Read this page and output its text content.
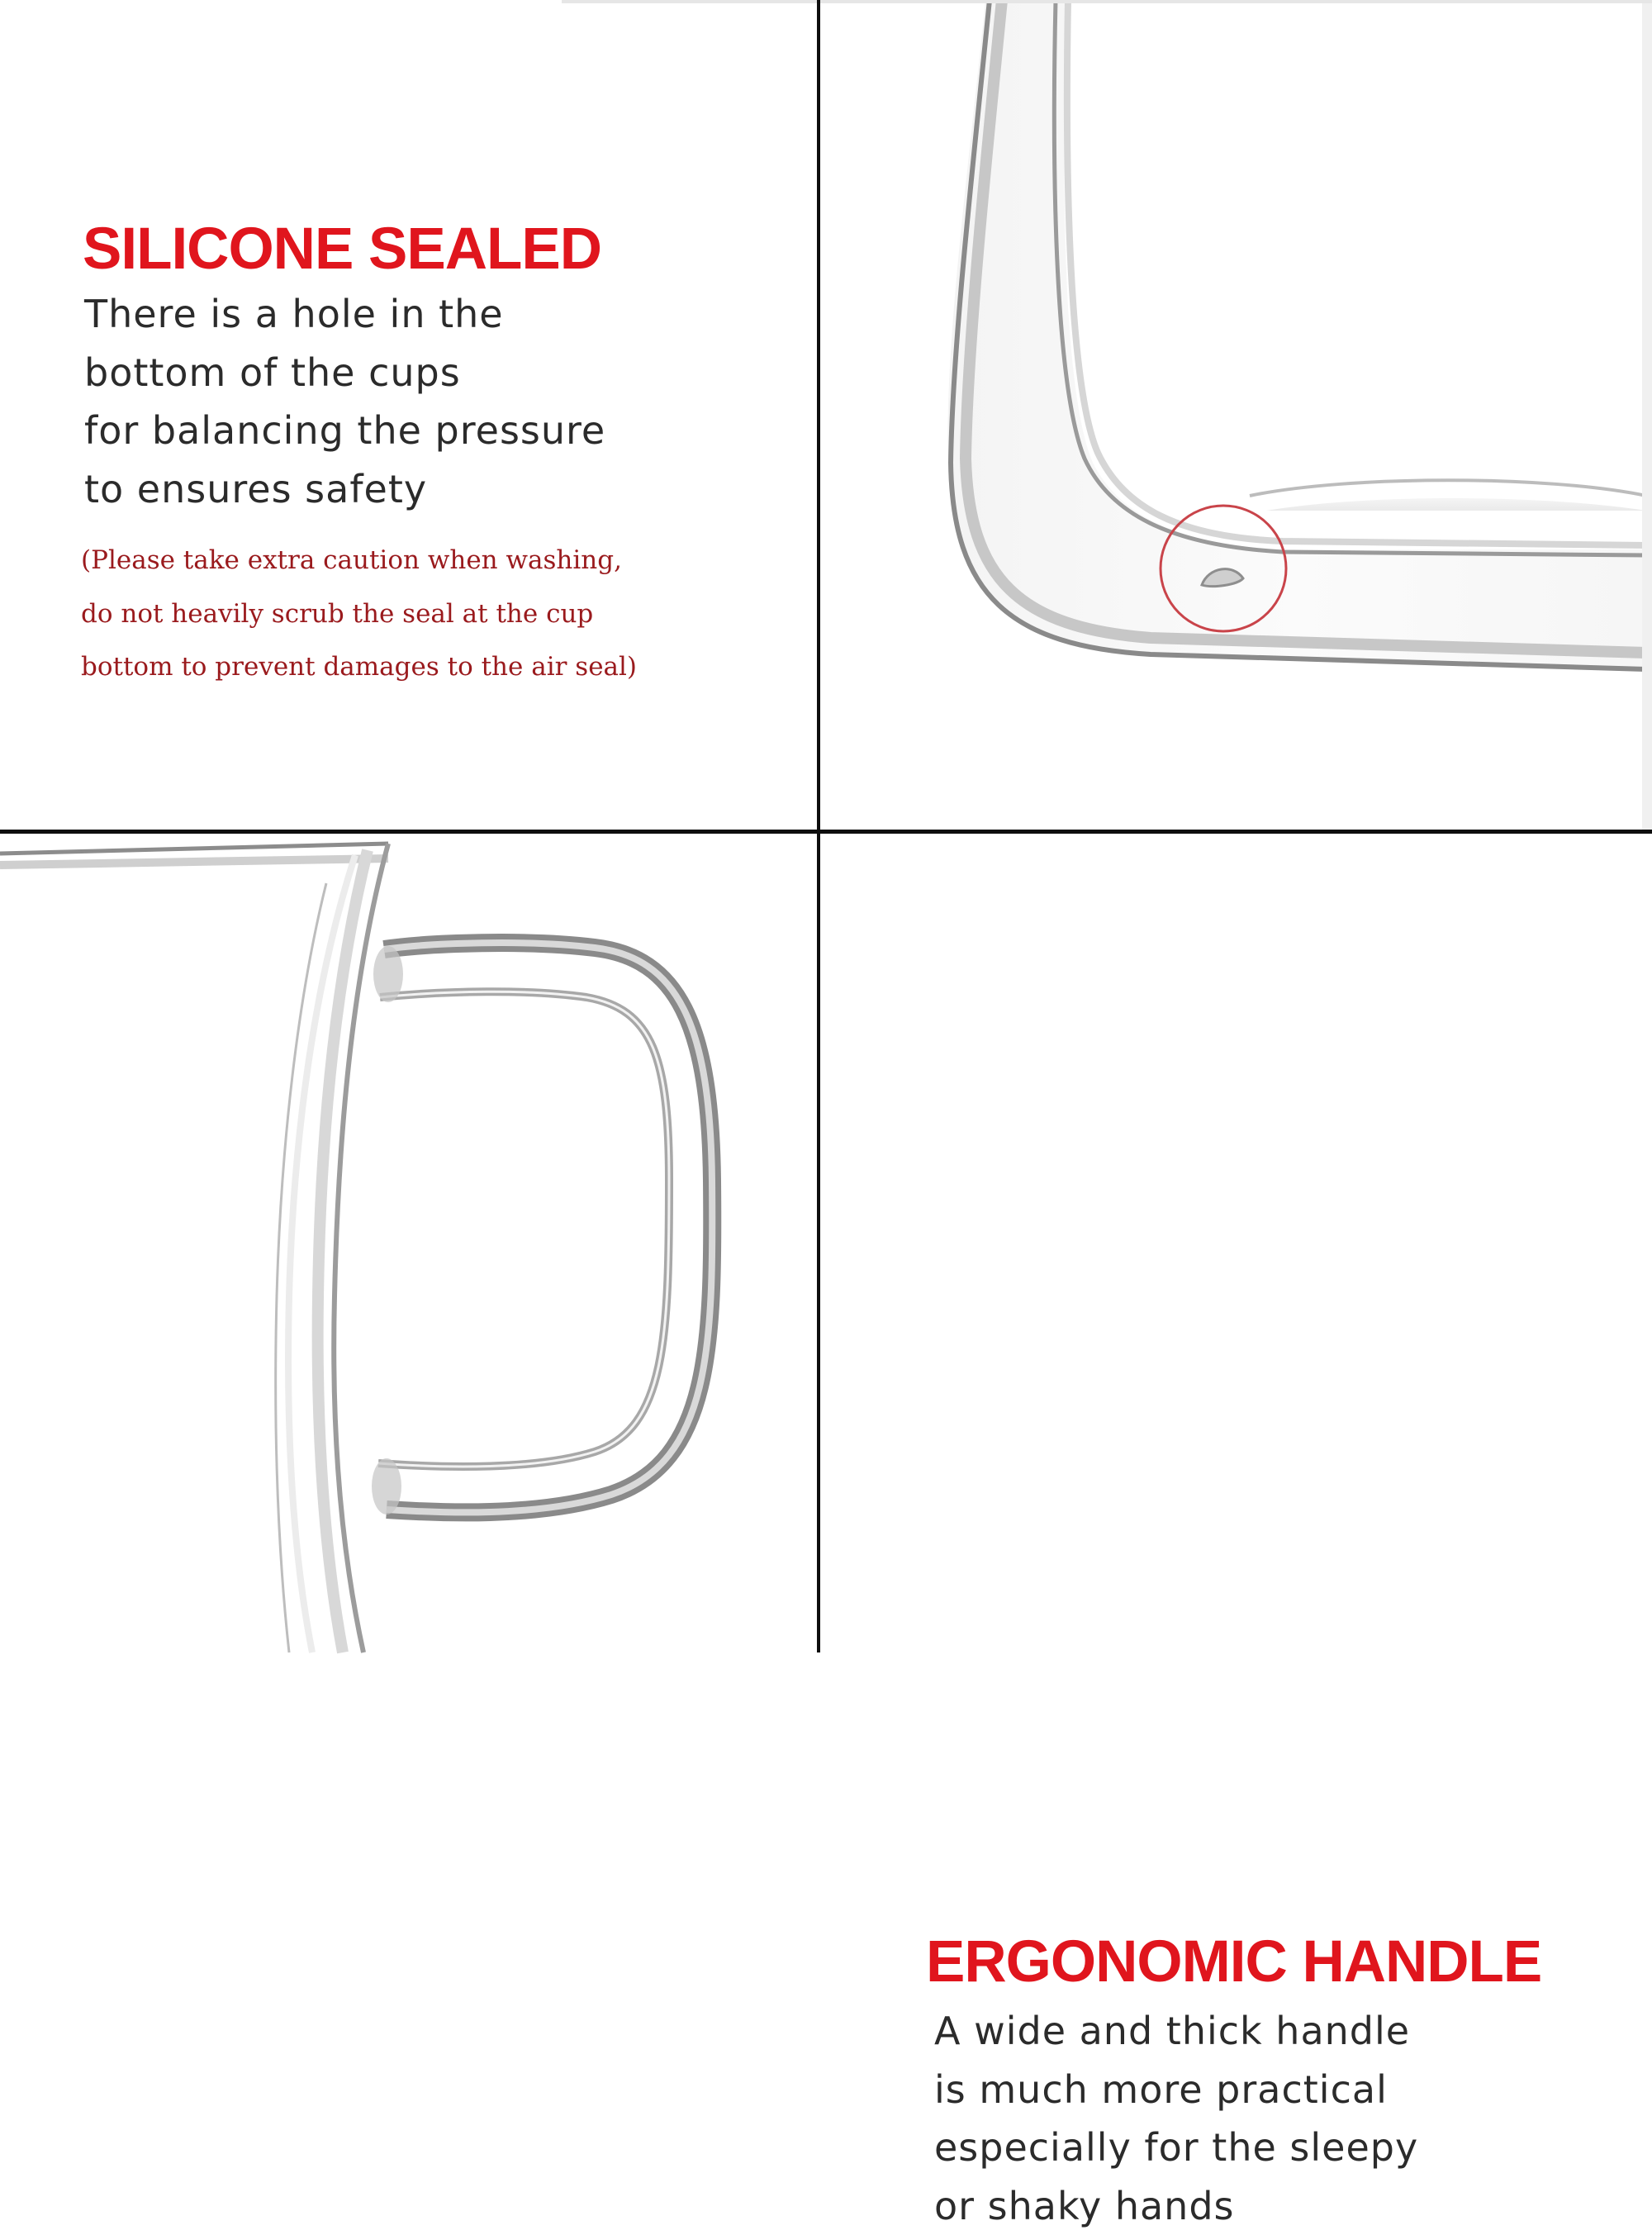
SILICONE SEALED
There is a hole in the
bottom of the cups
for balancing the pressure
to ensures safety
(Please take extra caution when washing,
do not heavily scrub the seal at the cup
bottom to prevent damages to the air seal)
ERGONOMIC HANDLE
A wide and thick handle
is much more practical
especially for the sleepy
or shaky hands
